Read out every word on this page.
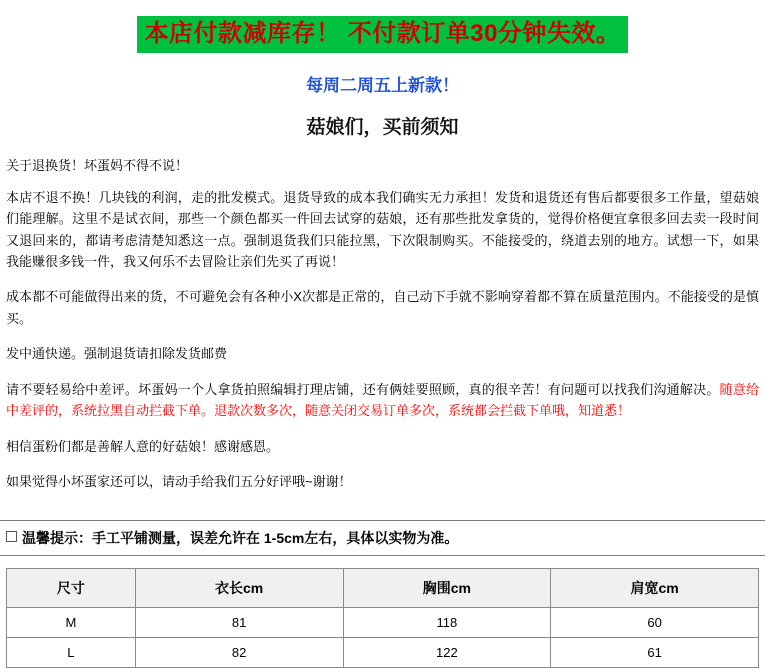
本店付款减库存！ 不付款订单30分钟失效。
每周二周五上新款！
菇娘们，买前须知

关于退换货！坏蛋妈不得不说！

本店不退不换！几块钱的利润，走的批发模式。退货导致的成本我们确实无力承担！发货和退货还有售后都要很多工作量，望菇娘们能理解。这里不是试衣间，那些一个颜色都买一件回去试穿的菇娘，还有那些批发拿货的，觉得价格便宜拿很多回去卖一段时间又退回来的，都请考虑清楚知悉这一点。强制退货我们只能拉黑，下次限制购买。不能接受的，绕道去别的地方。试想一下，如果我能赚很多钱一件，我又何乐不去冒险让亲们先买了再说！

成本都不可能做得出来的货，不可避免会有各种小X次都是正常的，自己动下手就不影响穿着都不算在质量范围内。不能接受的是慎买。

发中通快递。强制退货请扣除发货邮费

请不要轻易给中差评。坏蛋妈一个人拿货拍照编辑打理店铺，还有俩娃要照顾，真的很辛苦！有问题可以找我们沟通解决。随意给中差评的，系统拉黑自动拦截下单。退款次数多次，随意关闭交易订单多次，系统都会拦截下单哦，知道悉！

相信蛋粉们都是善解人意的好菇娘！感谢感恩。

如果觉得小坏蛋家还可以，请动手给我们五分好评哦~谢谢！

温馨提示：手工平铺测量，误差允许在 1-5cm左右，具体以实物为准。
尺寸	衣长cm	胸围cm	肩宽cm
M	81	118	60
L	82	122	61
